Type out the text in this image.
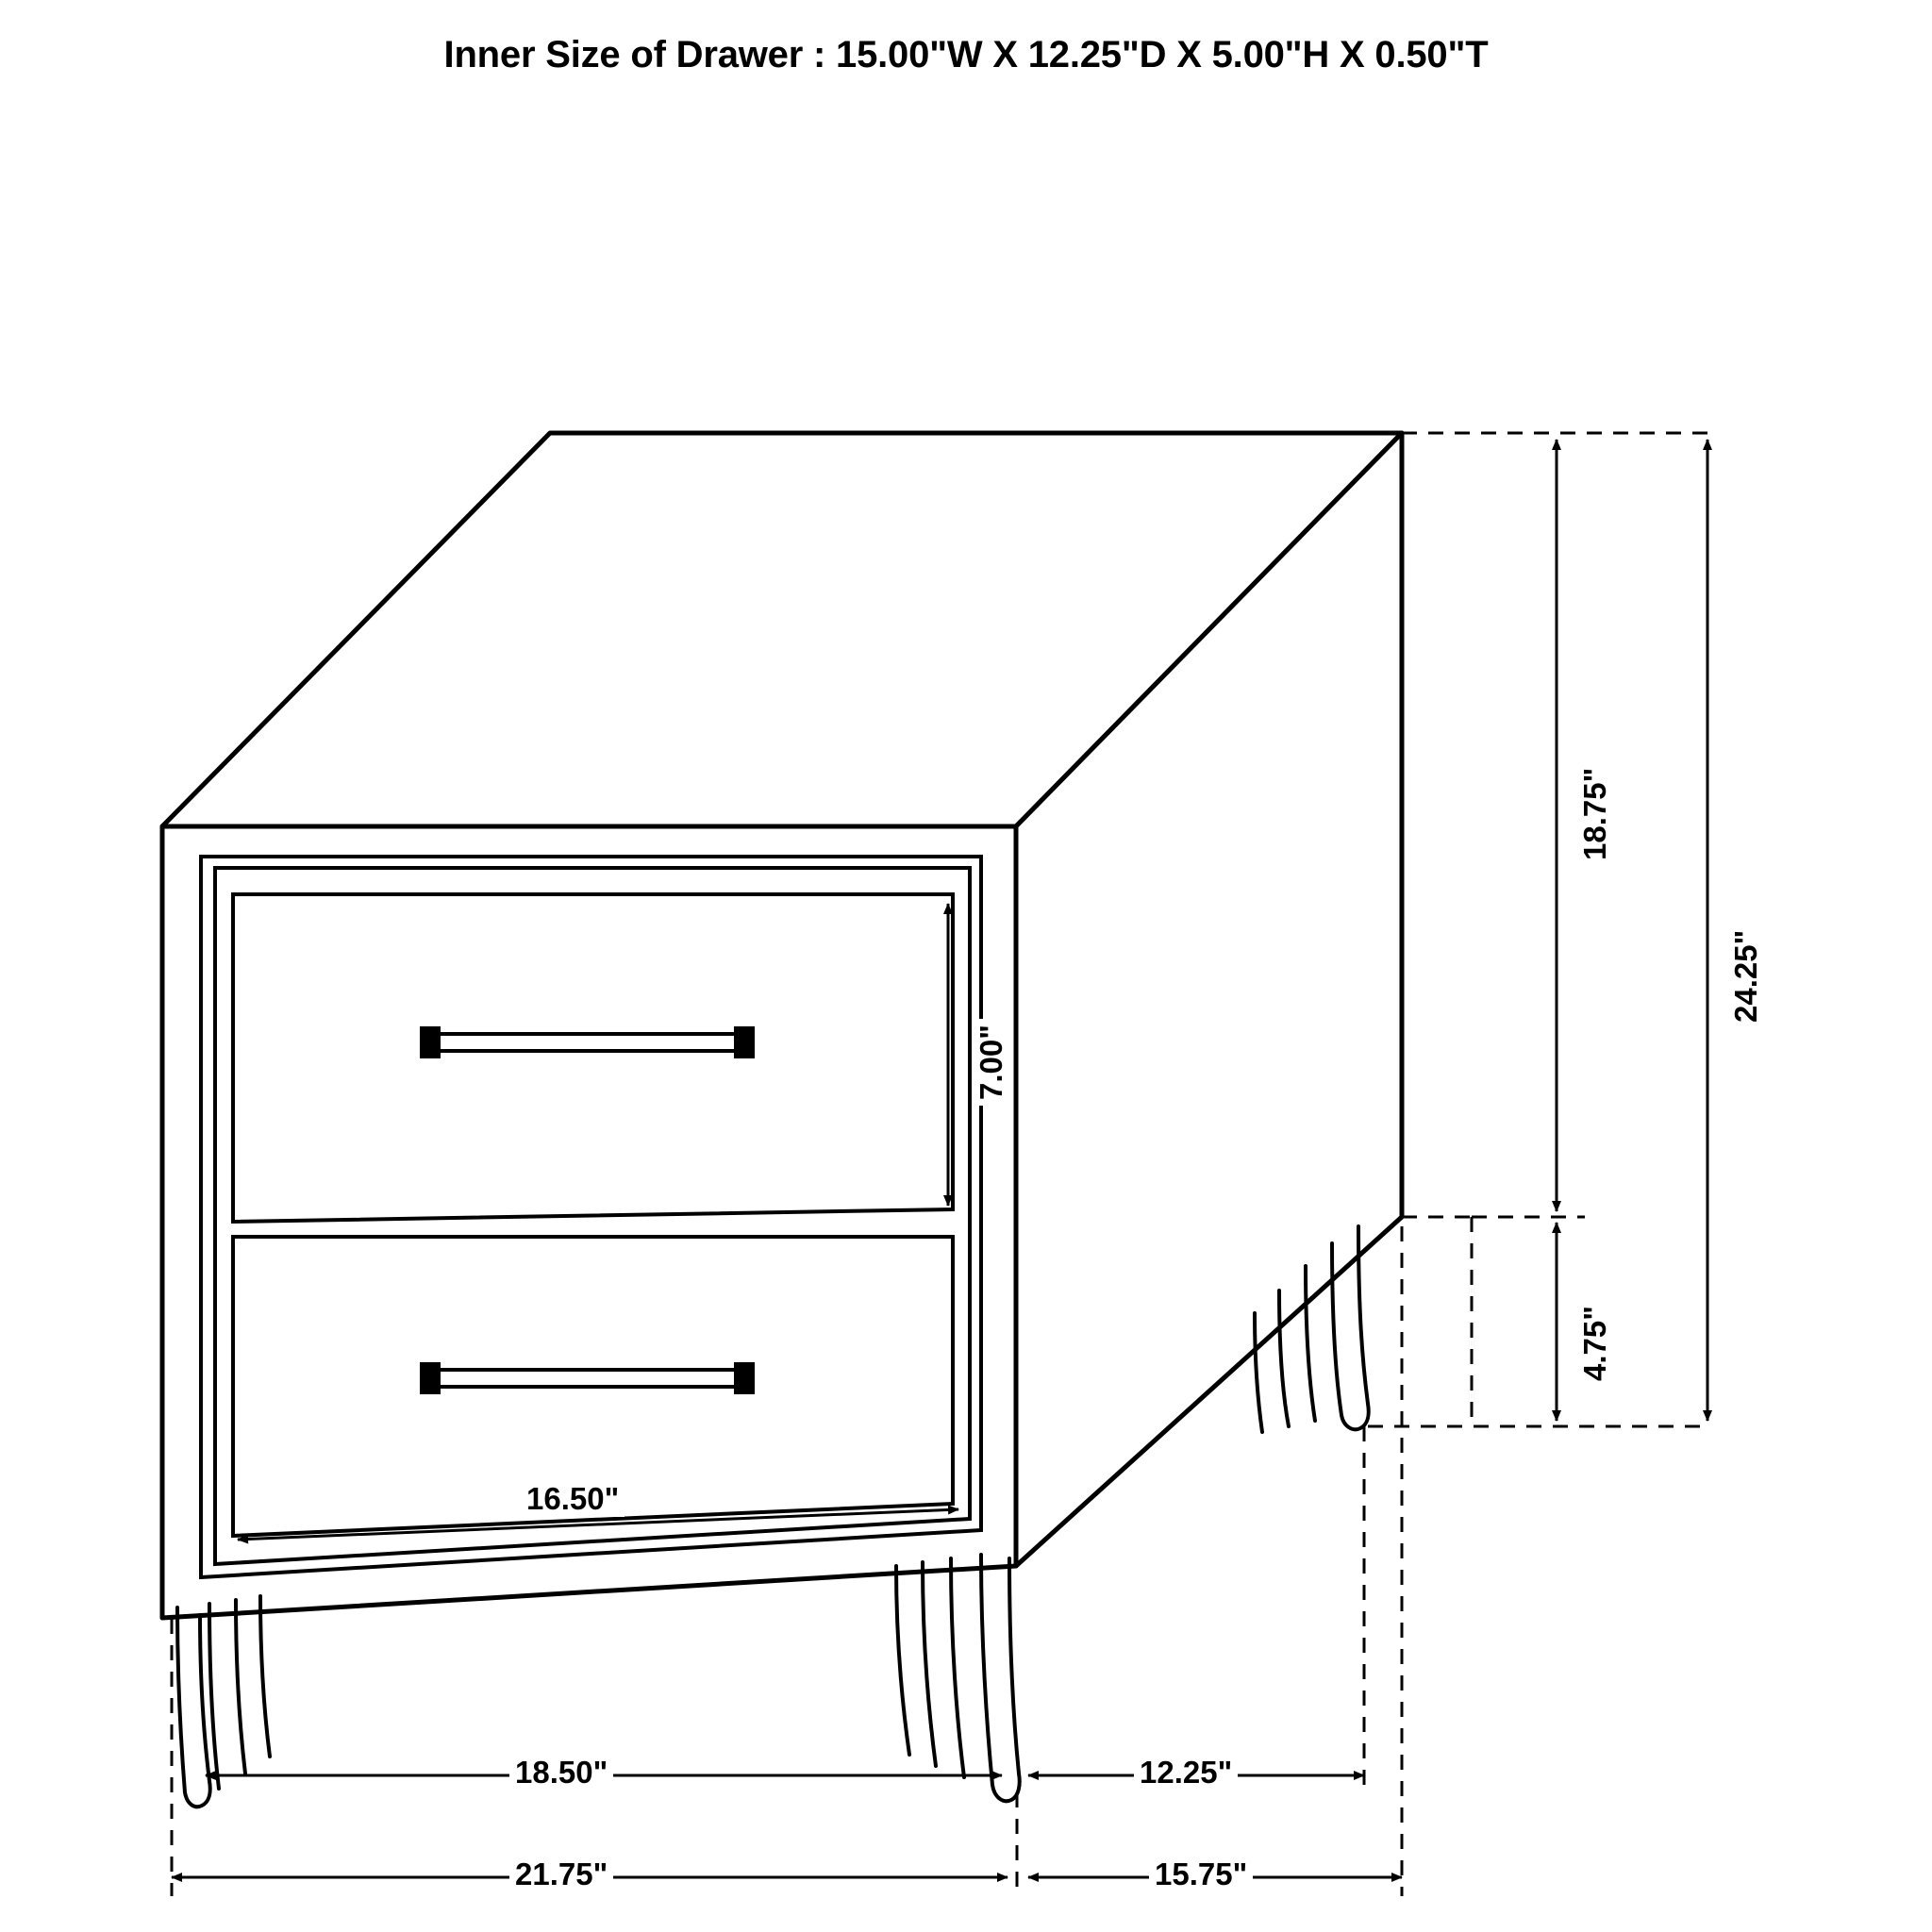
Inner Size of Drawer : 15.00"W X 12.25"D X 5.00"H X 0.50"T
18.75"
24.25"
4.75"
7.00"
16.50"
18.50"	12.25"
21.75"	15.75"
